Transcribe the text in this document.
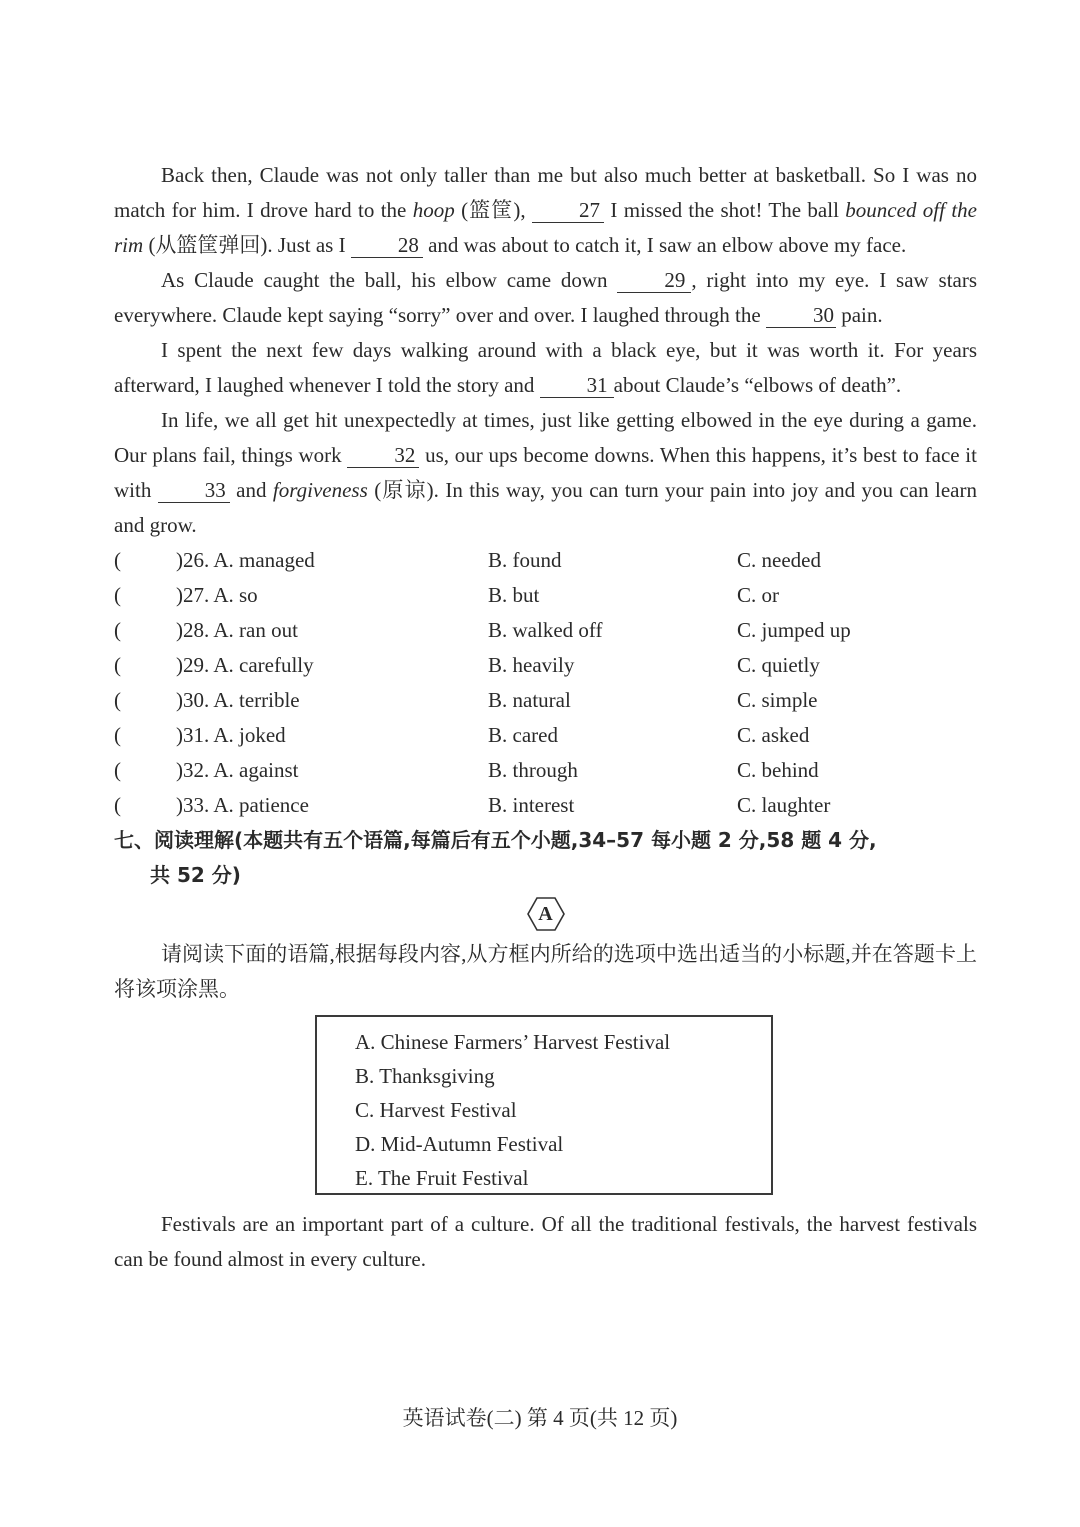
Back then, Claude was not only taller than me but also much better at basketball. So I was no match for him. I drove hard to the hoop (篮筐), 27 I missed the shot! The ball bounced off the rim (从篮筐弹回). Just as I 28 and was about to catch it, I saw an elbow above my face.

As Claude caught the ball, his elbow came down 29 , right into my eye. I saw stars everywhere. Claude kept saying “sorry” over and over. I laughed through the 30 pain.

I spent the next few days walking around with a black eye, but it was worth it. For years afterward, I laughed whenever I told the story and 31 about Claude’s “elbows of death”.

In life, we all get hit unexpectedly at times, just like getting elbowed in the eye during a game. Our plans fail, things work 32 us, our ups become downs. When this happens, it’s best to face it with 33 and forgiveness (原谅). In this way, you can turn your pain into joy and you can learn and grow.

(	)26. A. managed	B. found	C. needed
(	)27. A. so	B. but	C. or
(	)28. A. ran out	B. walked off	C. jumped up
(	)29. A. carefully	B. heavily	C. quietly
(	)30. A. terrible	B. natural	C. simple
(	)31. A. joked	B. cared	C. asked
(	)32. A. against	B. through	C. behind
(	)33. A. patience	B. interest	C. laughter

七、阅读理解(本题共有五个语篇,每篇后有五个小题,34–57 每小题 2 分,58 题 4 分,

共 52 分)

A

请阅读下面的语篇,根据每段内容,从方框内所给的选项中选出适当的小标题,并在答题卡上将该项涂黑。

A. Chinese Farmers’ Harvest Festival
B. Thanksgiving
C. Harvest Festival
D. Mid-Autumn Festival
E. The Fruit Festival

Festivals are an important part of a culture. Of all the traditional festivals, the harvest festivals can be found almost in every culture.

英语试卷(二) 第 4 页(共 12 页)
